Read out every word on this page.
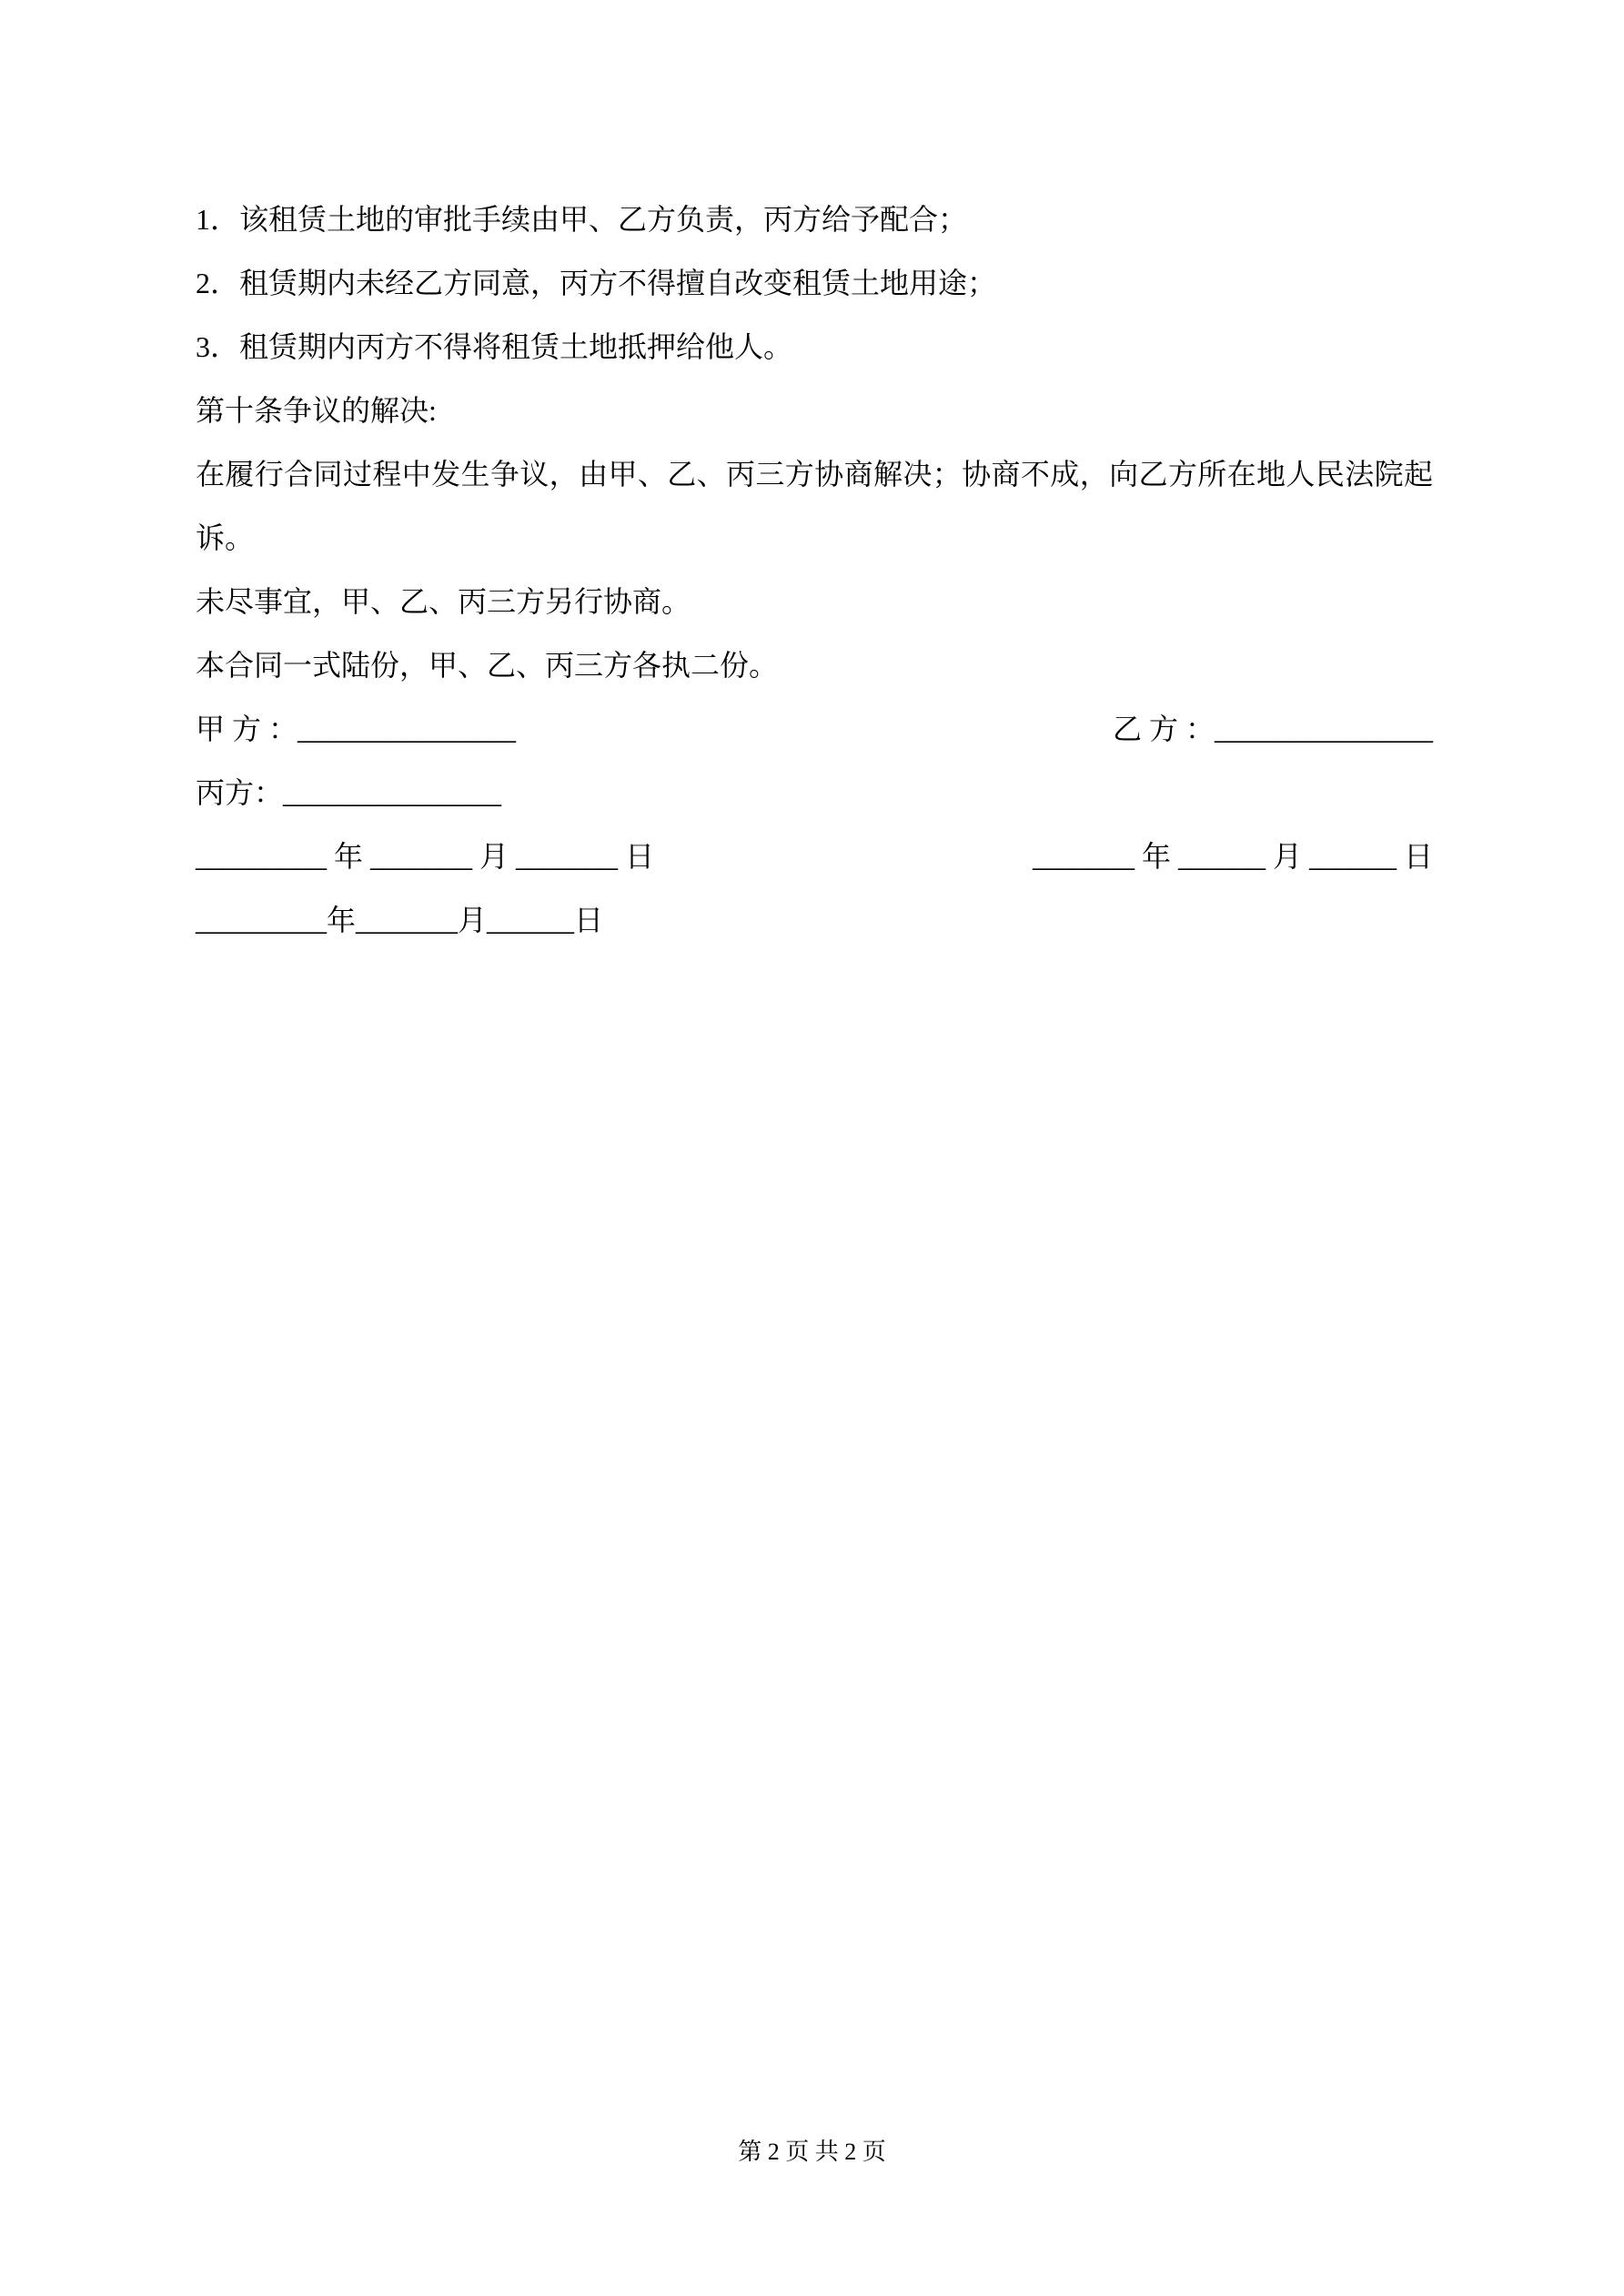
1．该租赁土地的审批手续由甲、乙方负责，丙方给予配合；

2．租赁期内未经乙方同意，丙方不得擅自改变租赁土地用途；

3．租赁期内丙方不得将租赁土地抵押给他人。

第十条争议的解决:

在履行合同过程中发生争议，由甲、乙、丙三方协商解决；协商不成，向乙方所在地人民法院起诉。

未尽事宜，甲、乙、丙三方另行协商。

本合同一式陆份，甲、乙、丙三方各执二份。

甲 方 ：_______________	乙 方 ：_______________
丙方：_______________
_________ 年 _______ 月 _______ 日	_______ 年 ______ 月 ______ 日
_________年_______月______日
第 2 页 共 2 页
